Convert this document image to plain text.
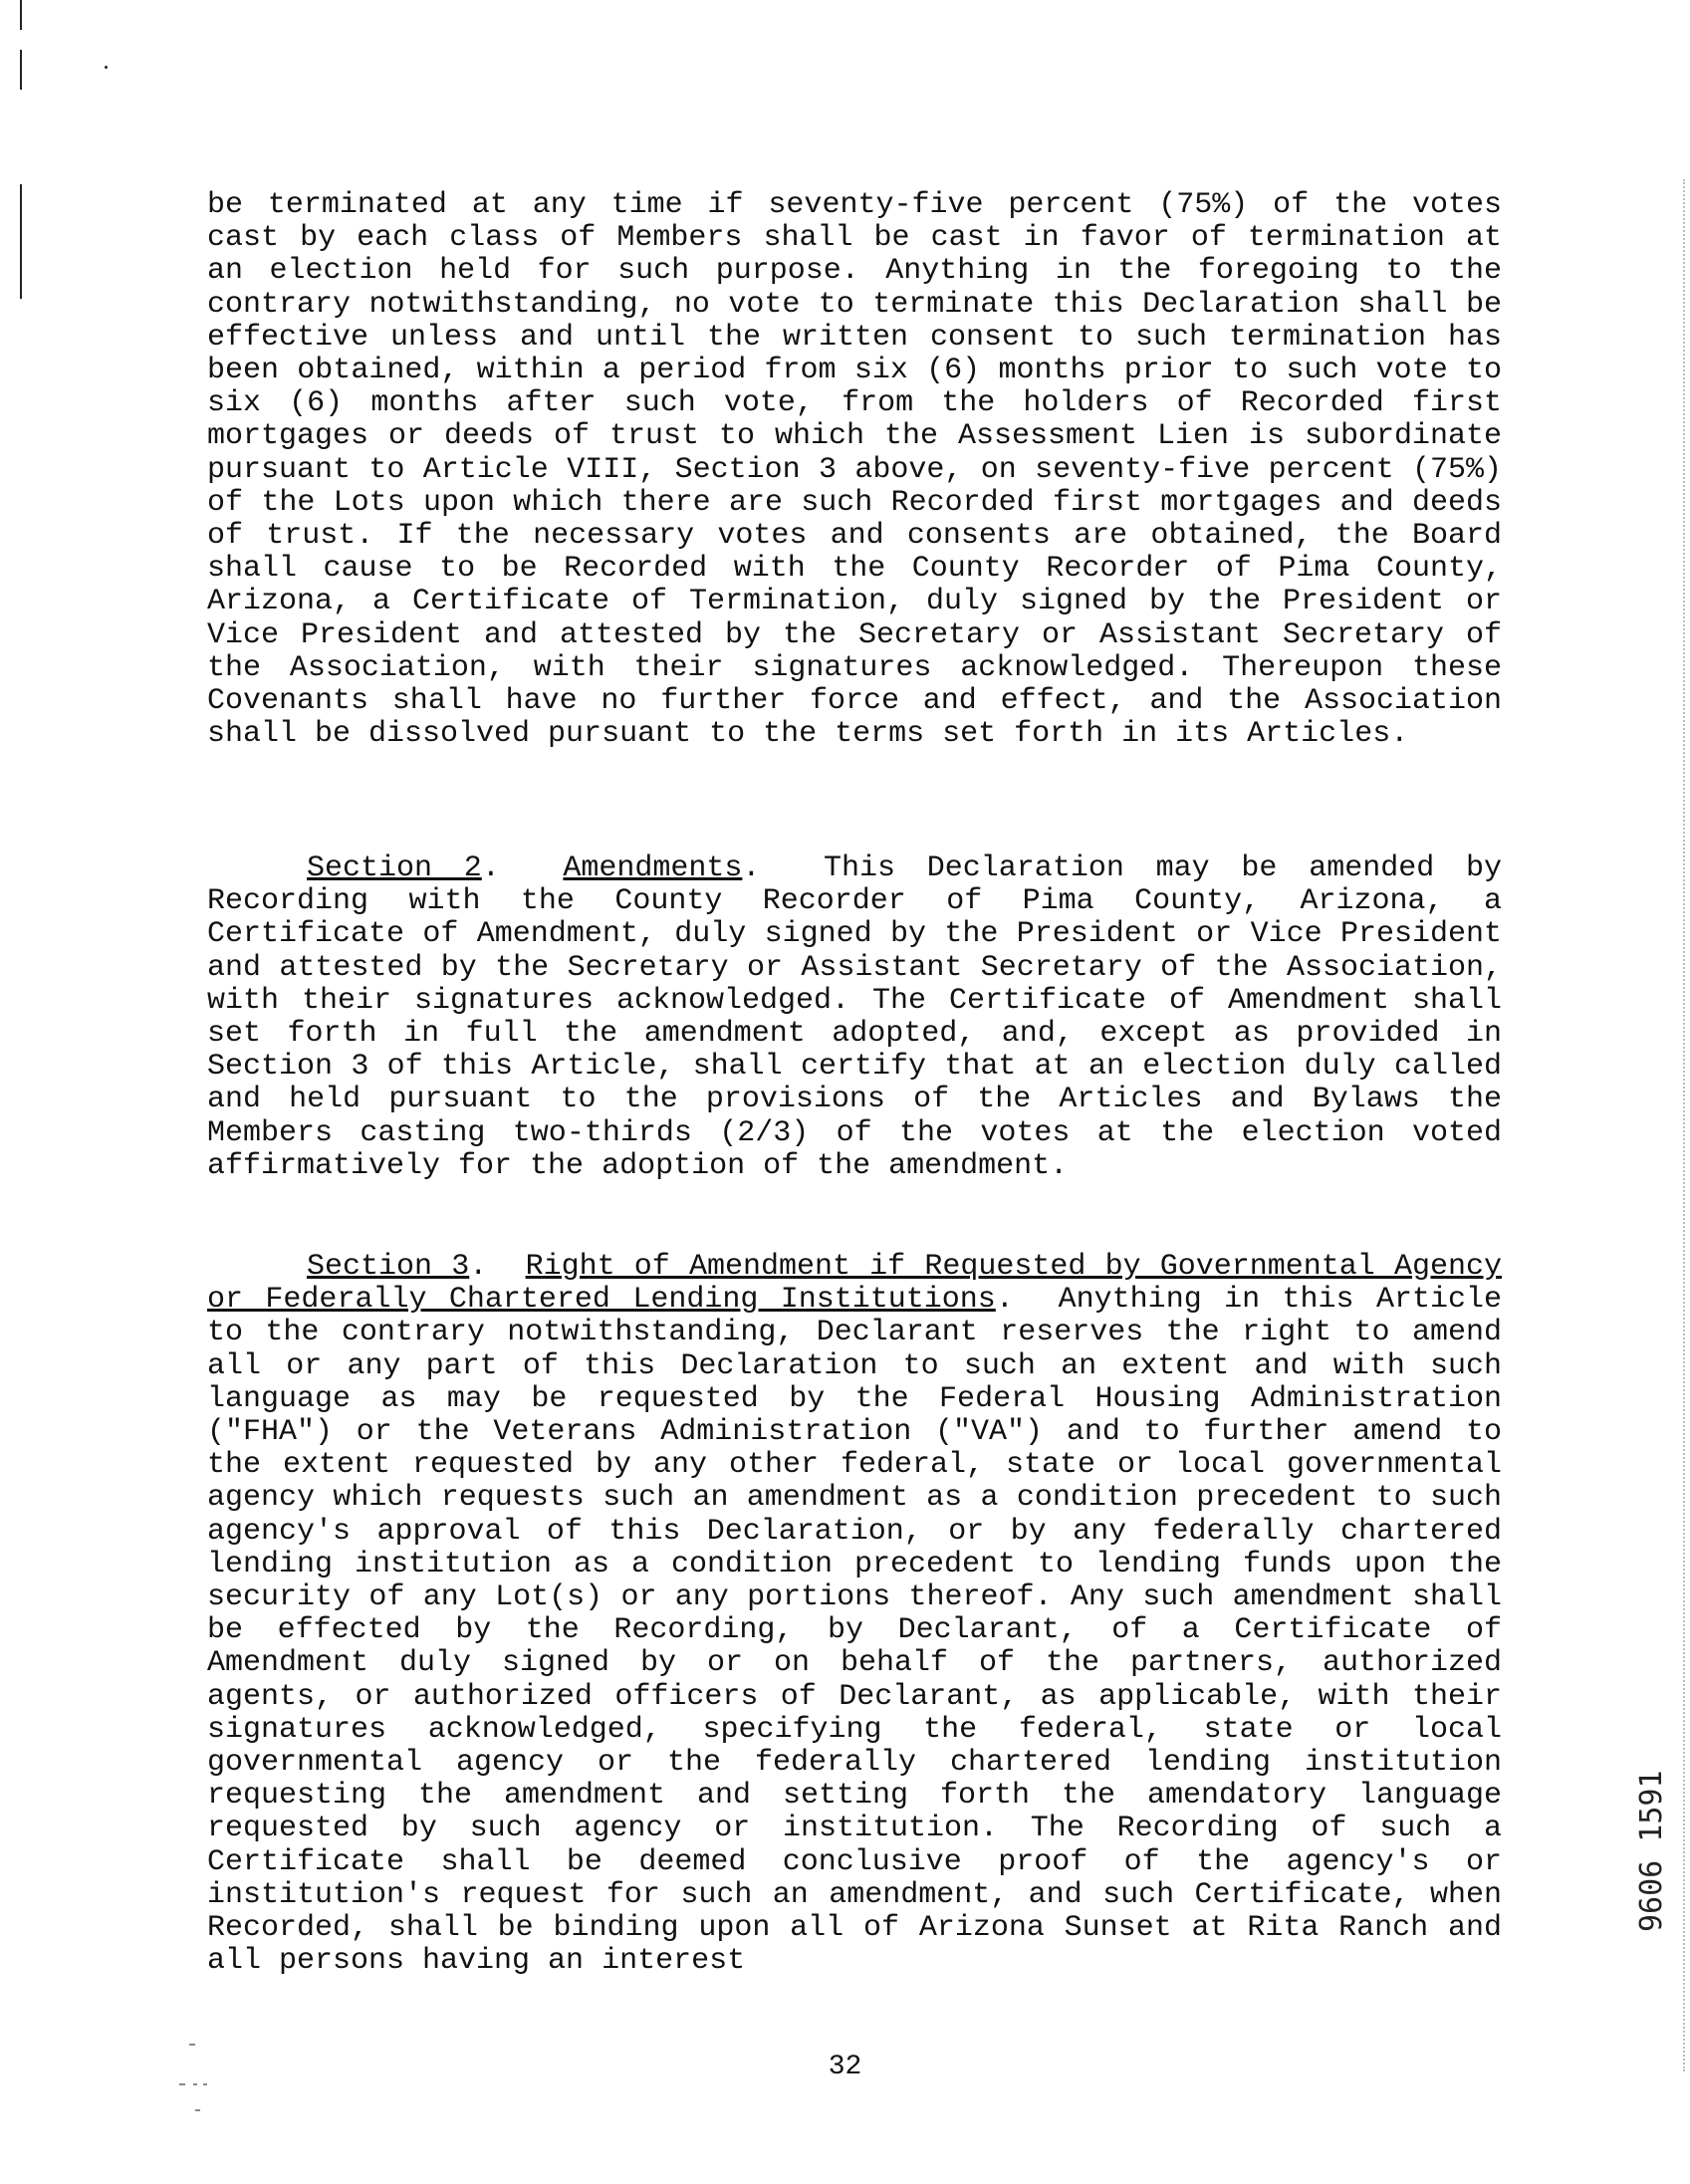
be terminated at any time if seventy-five percent (75%) of the votes cast by each class of Members shall be cast in favor of termination at an election held for such purpose. Anything in the foregoing to the contrary notwithstanding, no vote to terminate this Declaration shall be effective unless and until the written consent to such termination has been obtained, within a period from six (6) months prior to such vote to six (6) months after such vote, from the holders of Recorded first mortgages or deeds of trust to which the Assessment Lien is subordinate pursuant to Article VIII, Section 3 above, on seventy-five percent (75%) of the Lots upon which there are such Recorded first mortgages and deeds of trust. If the necessary votes and consents are obtained, the Board shall cause to be Recorded with the County Recorder of Pima County, Arizona, a Certificate of Termination, duly signed by the President or Vice President and attested by the Secretary or Assistant Secretary of the Association, with their signatures acknowledged. Thereupon these Covenants shall have no further force and effect, and the Association shall be dissolved pursuant to the terms set forth in its Articles.
Section 2.  Amendments.  This Declaration may be amended by Recording with the County Recorder of Pima County, Arizona, a Certificate of Amendment, duly signed by the President or Vice President and attested by the Secretary or Assistant Secretary of the Association, with their signatures acknowledged. The Certificate of Amendment shall set forth in full the amendment adopted, and, except as provided in Section 3 of this Article, shall certify that at an election duly called and held pursuant to the provisions of the Articles and Bylaws the Members casting two-thirds (2/3) of the votes at the election voted affirmatively for the adoption of the amendment.
Section 3.  Right of Amendment if Requested by Governmental Agency or Federally Chartered Lending Institutions.  Anything in this Article to the contrary notwithstanding, Declarant reserves the right to amend all or any part of this Declaration to such an extent and with such language as may be requested by the Federal Housing Administration ("FHA") or the Veterans Administration ("VA") and to further amend to the extent requested by any other federal, state or local governmental agency which requests such an amendment as a condition precedent to such agency's approval of this Declaration, or by any federally chartered lending institution as a condition precedent to lending funds upon the security of any Lot(s) or any portions thereof. Any such amendment shall be effected by the Recording, by Declarant, of a Certificate of Amendment duly signed by or on behalf of the partners, authorized agents, or authorized officers of Declarant, as applicable, with their signatures acknowledged, specifying the federal, state or local governmental agency or the federally chartered lending institution requesting the amendment and setting forth the amendatory language requested by such agency or institution. The Recording of such a Certificate shall be deemed conclusive proof of the agency's or institution's request for such an amendment, and such Certificate, when Recorded, shall be binding upon all of Arizona Sunset at Rita Ranch and all persons having an interest
32
9606 1591
